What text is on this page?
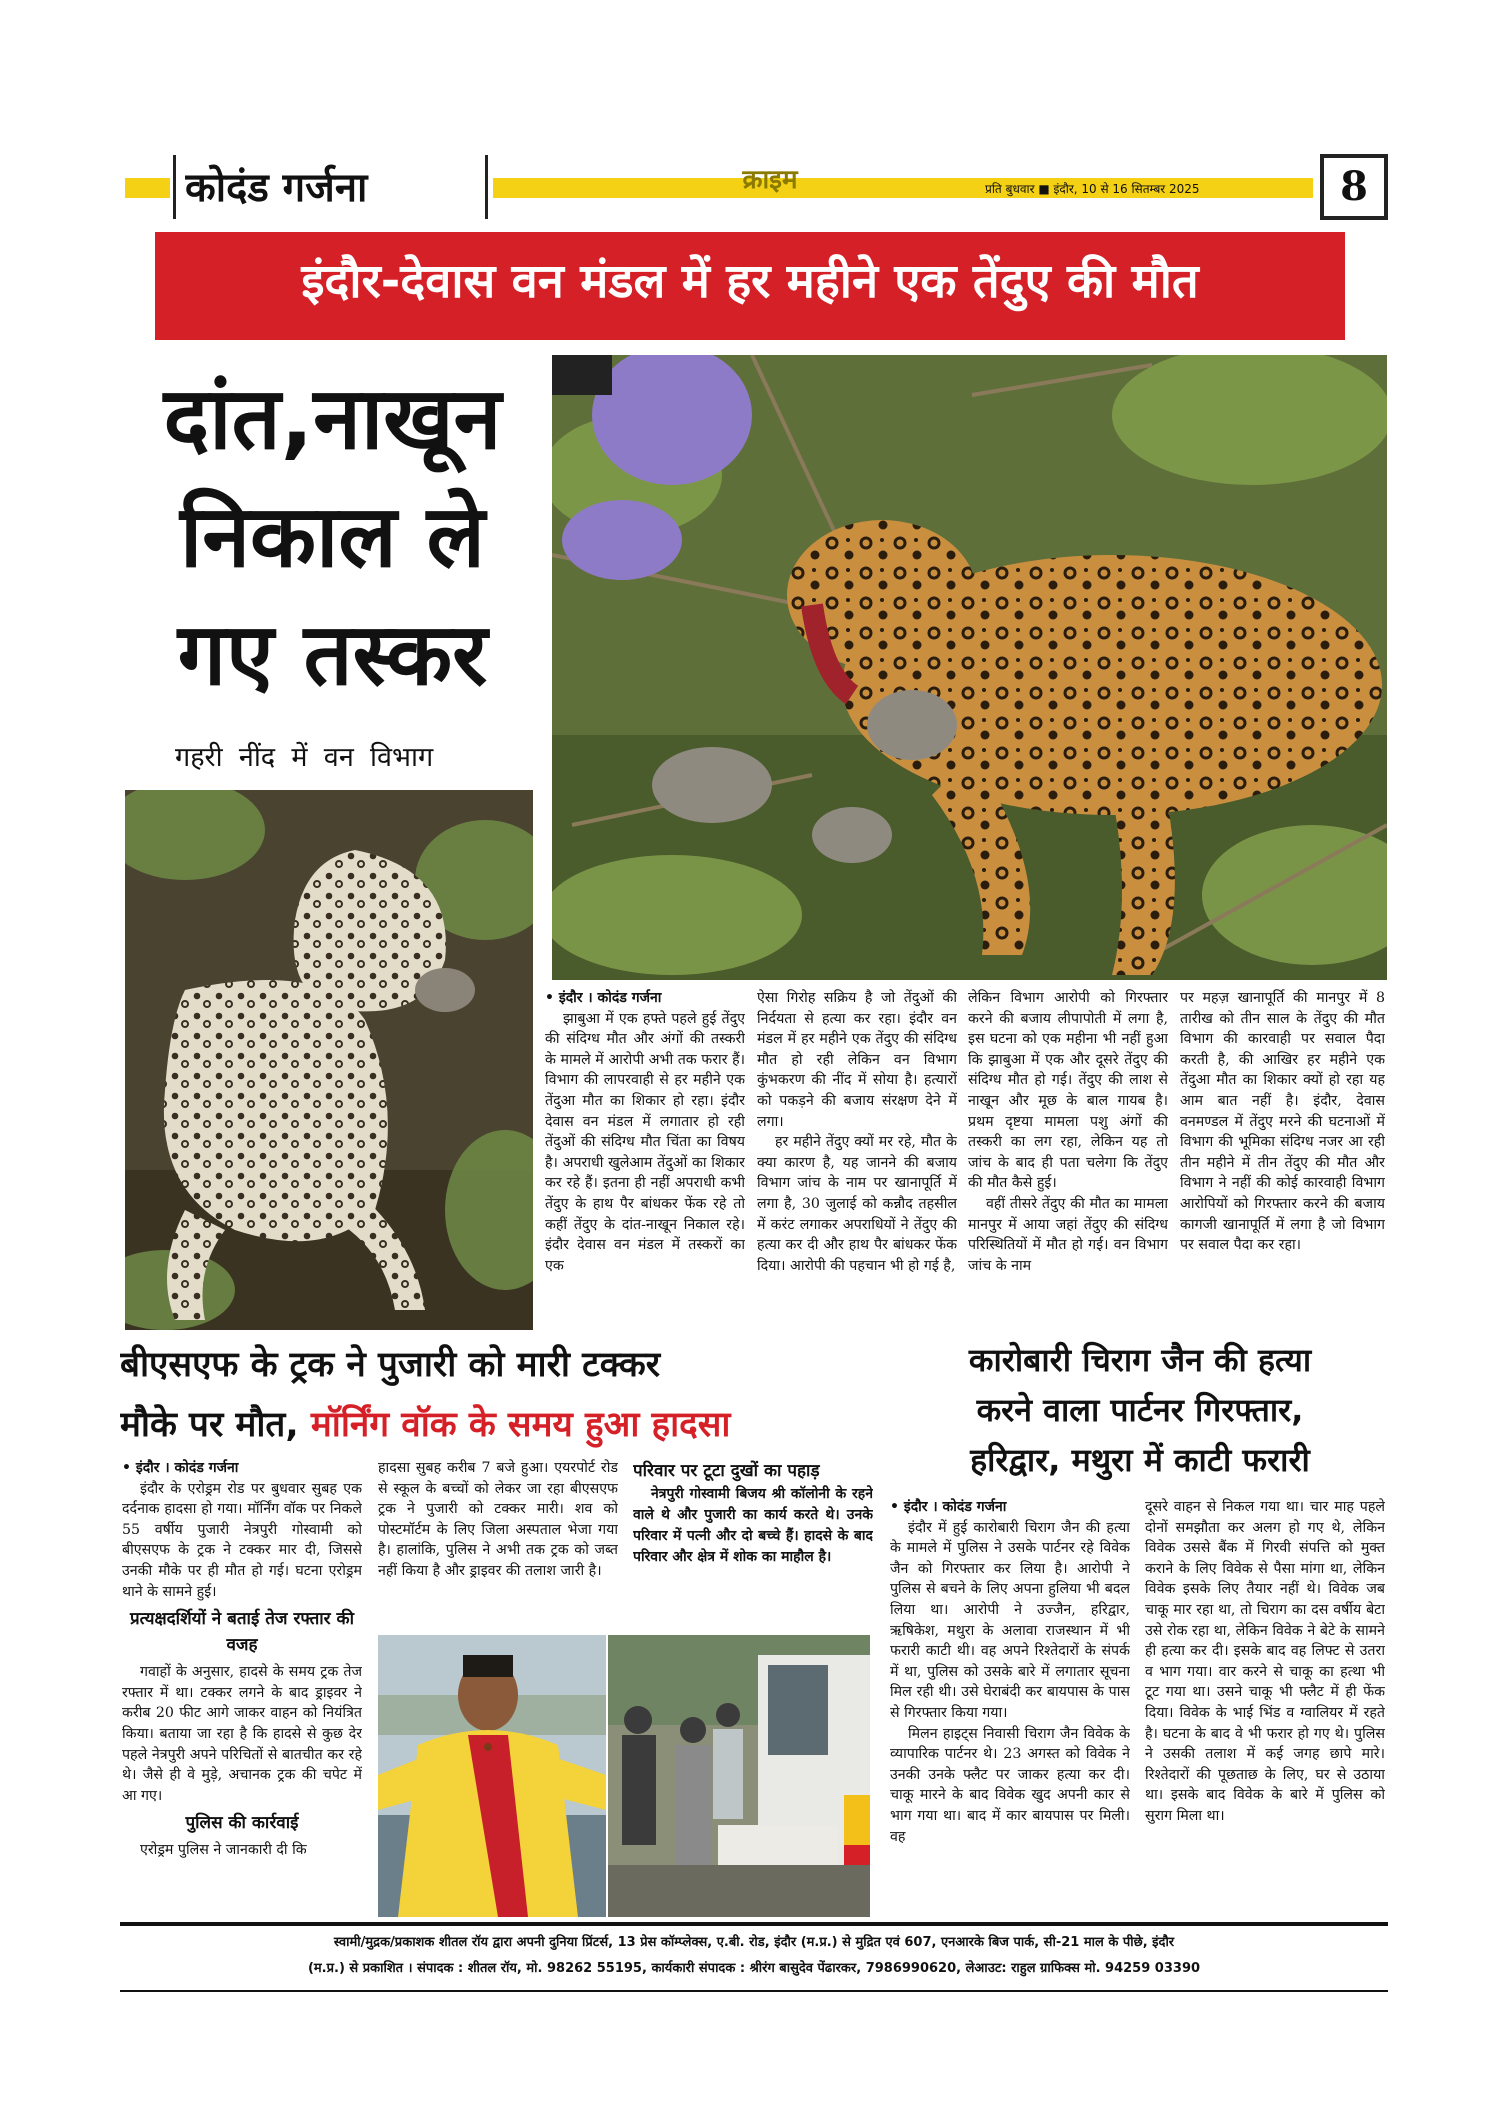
कोदंड गर्जना	क्राइम	प्रति बुधवार ■ इंदौर, 10 से 16 सितम्बर 2025	8
इंदौर-देवास वन मंडल में हर महीने एक तेंदुए की मौत
दांत,नाखून
निकाल ले
गए तस्कर
गहरी नींद में वन विभाग
• इंदौर । कोदंड गर्जना

झाबुआ में एक हफ्ते पहले हुई तेंदुए की संदिग्ध मौत और अंगों की तस्करी के मामले में आरोपी अभी तक फरार हैं। विभाग की लापरवाही से हर महीने एक तेंदुआ मौत का शिकार हो रहा। इंदौर देवास वन मंडल में लगातार हो रही तेंदुओं की संदिग्ध मौत चिंता का विषय है। अपराधी खुलेआम तेंदुओं का शिकार कर रहे हैं। इतना ही नहीं अपराधी कभी तेंदुए के हाथ पैर बांधकर फेंक रहे तो कहीं तेंदुए के दांत-नाखून निकाल रहे। इंदौर देवास वन मंडल में तस्करों का एक

ऐसा गिरोह सक्रिय है जो तेंदुओं की निर्दयता से हत्या कर रहा। इंदौर वन मंडल में हर महीने एक तेंदुए की संदिग्ध मौत हो रही लेकिन वन विभाग कुंभकरण की नींद में सोया है। हत्यारों को पकड़ने की बजाय संरक्षण देने में लगा।

हर महीने तेंदुए क्यों मर रहे, मौत के क्या कारण है, यह जानने की बजाय विभाग जांच के नाम पर खानापूर्ति में लगा है, 30 जुलाई को कन्नौद तहसील में करंट लगाकर अपराधियों ने तेंदुए की हत्या कर दी और हाथ पैर बांधकर फेंक दिया। आरोपी की पहचान भी हो गई है,

लेकिन विभाग आरोपी को गिरफ्तार करने की बजाय लीपापोती में लगा है, इस घटना को एक महीना भी नहीं हुआ कि झाबुआ में एक और दूसरे तेंदुए की संदिग्ध मौत हो गई। तेंदुए की लाश से नाखून और मूछ के बाल गायब है। प्रथम दृष्टया मामला पशु अंगों की तस्करी का लग रहा, लेकिन यह तो जांच के बाद ही पता चलेगा कि तेंदुए की मौत कैसे हुई।

वहीं तीसरे तेंदुए की मौत का मामला मानपुर में आया जहां तेंदुए की संदिग्ध परिस्थितियों में मौत हो गई। वन विभाग जांच के नाम

पर महज़ खानापूर्ति की मानपुर में 8 तारीख को तीन साल के तेंदुए की मौत विभाग की कारवाही पर सवाल पैदा करती है, की आखिर हर महीने एक तेंदुआ मौत का शिकार क्यों हो रहा यह आम बात नहीं है। इंदौर, देवास वनमण्डल में तेंदुए मरने की घटनाओं में विभाग की भूमिका संदिग्ध नजर आ रही तीन महीने में तीन तेंदुए की मौत और विभाग ने नहीं की कोई कारवाही विभाग आरोपियों को गिरफ्तार करने की बजाय कागजी खानापूर्ति में लगा है जो विभाग पर सवाल पैदा कर रहा।

बीएसएफ के ट्रक ने पुजारी को मारी टक्कर
मौके पर मौत, मॉर्निंग वॉक के समय हुआ हादसा
• इंदौर । कोदंड गर्जना

इंदौर के एरोड्रम रोड पर बुधवार सुबह एक दर्दनाक हादसा हो गया। मॉर्निंग वॉक पर निकले 55 वर्षीय पुजारी नेत्रपुरी गोस्वामी को बीएसएफ के ट्रक ने टक्कर मार दी, जिससे उनकी मौके पर ही मौत हो गई। घटना एरोड्रम थाने के सामने हुई।

प्रत्यक्षदर्शियों ने बताई तेज रफ्तार की वजह

गवाहों के अनुसार, हादसे के समय ट्रक तेज रफ्तार में था। टक्कर लगने के बाद ड्राइवर ने करीब 20 फीट आगे जाकर वाहन को नियंत्रित किया। बताया जा रहा है कि हादसे से कुछ देर पहले नेत्रपुरी अपने परिचितों से बातचीत कर रहे थे। जैसे ही वे मुड़े, अचानक ट्रक की चपेट में आ गए।

पुलिस की कार्रवाई

एरोड्रम पुलिस ने जानकारी दी कि

हादसा सुबह करीब 7 बजे हुआ। एयरपोर्ट रोड से स्कूल के बच्चों को लेकर जा रहा बीएसएफ ट्रक ने पुजारी को टक्कर मारी। शव को पोस्टमॉर्टम के लिए जिला अस्पताल भेजा गया है। हालांकि, पुलिस ने अभी तक ट्रक को जब्त नहीं किया है और ड्राइवर की तलाश जारी है।

परिवार पर टूटा दुखों का पहाड़

नेत्रपुरी गोस्वामी बिजय श्री कॉलोनी के रहने वाले थे और पुजारी का कार्य करते थे। उनके परिवार में पत्नी और दो बच्चे हैं। हादसे के बाद परिवार और क्षेत्र में शोक का माहौल है।

कारोबारी चिराग जैन की हत्या
करने वाला पार्टनर गिरफ्तार,
हरिद्वार, मथुरा में काटी फरारी
• इंदौर । कोदंड गर्जना

इंदौर में हुई कारोबारी चिराग जैन की हत्या के मामले में पुलिस ने उसके पार्टनर रहे विवेक जैन को गिरफ्तार कर लिया है। आरोपी ने पुलिस से बचने के लिए अपना हुलिया भी बदल लिया था। आरोपी ने उज्जैन, हरिद्वार, ऋषिकेश, मथुरा के अलावा राजस्थान में भी फरारी काटी थी। वह अपने रिश्तेदारों के संपर्क में था, पुलिस को उसके बारे में लगातार सूचना मिल रही थी। उसे घेराबंदी कर बायपास के पास से गिरफ्तार किया गया।

मिलन हाइट्स निवासी चिराग जैन विवेक के व्यापारिक पार्टनर थे। 23 अगस्त को विवेक ने उनकी उनके फ्लैट पर जाकर हत्या कर दी। चाकू मारने के बाद विवेक खुद अपनी कार से भाग गया था। बाद में कार बायपास पर मिली। वह

दूसरे वाहन से निकल गया था। चार माह पहले दोनों समझौता कर अलग हो गए थे, लेकिन विवेक उससे बैंक में गिरवी संपत्ति को मुक्त कराने के लिए विवेक से पैसा मांगा था, लेकिन विवेक इसके लिए तैयार नहीं थे। विवेक जब चाकू मार रहा था, तो चिराग का दस वर्षीय बेटा उसे रोक रहा था, लेकिन विवेक ने बेटे के सामने ही हत्या कर दी। इसके बाद वह लिफ्ट से उतरा व भाग गया। वार करने से चाकू का हत्था भी टूट गया था। उसने चाकू भी फ्लैट में ही फेंक दिया। विवेक के भाई भिंड व ग्वालियर में रहते है। घटना के बाद वे भी फरार हो गए थे। पुलिस ने उसकी तलाश में कई जगह छापे मारे। रिश्तेदारों की पूछताछ के लिए, घर से उठाया था। इसके बाद विवेक के बारे में पुलिस को सुराग मिला था।

स्वामी/मुद्रक/प्रकाशक शीतल रॉय द्वारा अपनी दुनिया प्रिंटर्स, 13 प्रेस कॉम्प्लेक्स, ए.बी. रोड, इंदौर (म.प्र.) से मुद्रित एवं 607, एनआरके बिज पार्क, सी-21 माल के पीछे, इंदौर
(म.प्र.) से प्रकाशित । संपादक : शीतल रॉय, मो. 98262 55195, कार्यकारी संपादक : श्रीरंग बासुदेव पेंढारकर, 7986990620, लेआउट: राहुल ग्राफिक्स मो. 94259 03390
